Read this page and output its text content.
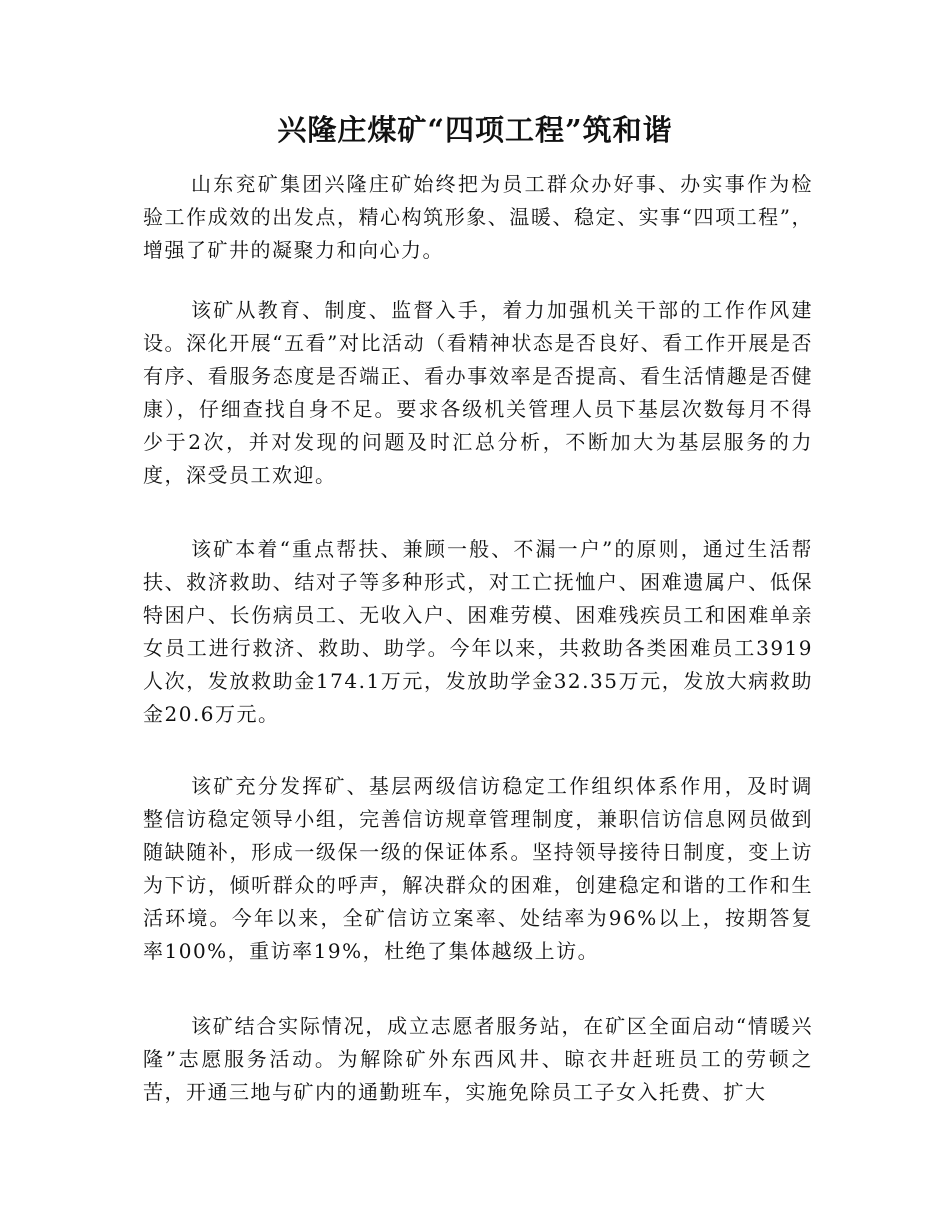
兴隆庄煤矿“四项工程”筑和谐

山东兖矿集团兴隆庄矿始终把为员工群众办好事、办实事作为检验工作成效的出发点，精心构筑形象、温暖、稳定、实事“四项工程”，增强了矿井的凝聚力和向心力。

该矿从教育、制度、监督入手，着力加强机关干部的工作作风建设。深化开展“五看”对比活动（看精神状态是否良好、看工作开展是否有序、看服务态度是否端正、看办事效率是否提高、看生活情趣是否健康），仔细查找自身不足。要求各级机关管理人员下基层次数每月不得少于2次，并对发现的问题及时汇总分析，不断加大为基层服务的力度，深受员工欢迎。

该矿本着“重点帮扶、兼顾一般、不漏一户”的原则，通过生活帮扶、救济救助、结对子等多种形式，对工亡抚恤户、困难遗属户、低保特困户、长伤病员工、无收入户、困难劳模、困难残疾员工和困难单亲女员工进行救济、救助、助学。今年以来，共救助各类困难员工3919人次，发放救助金174.1万元，发放助学金32.35万元，发放大病救助金20.6万元。

该矿充分发挥矿、基层两级信访稳定工作组织体系作用，及时调整信访稳定领导小组，完善信访规章管理制度，兼职信访信息网员做到随缺随补，形成一级保一级的保证体系。坚持领导接待日制度，变上访为下访，倾听群众的呼声，解决群众的困难，创建稳定和谐的工作和生活环境。今年以来，全矿信访立案率、处结率为96%以上，按期答复率100%，重访率19%，杜绝了集体越级上访。

该矿结合实际情况，成立志愿者服务站，在矿区全面启动“情暖兴隆”志愿服务活动。为解除矿外东西风井、晾衣井赶班员工的劳顿之苦，开通三地与矿内的通勤班车，实施免除员工子女入托费、扩大
